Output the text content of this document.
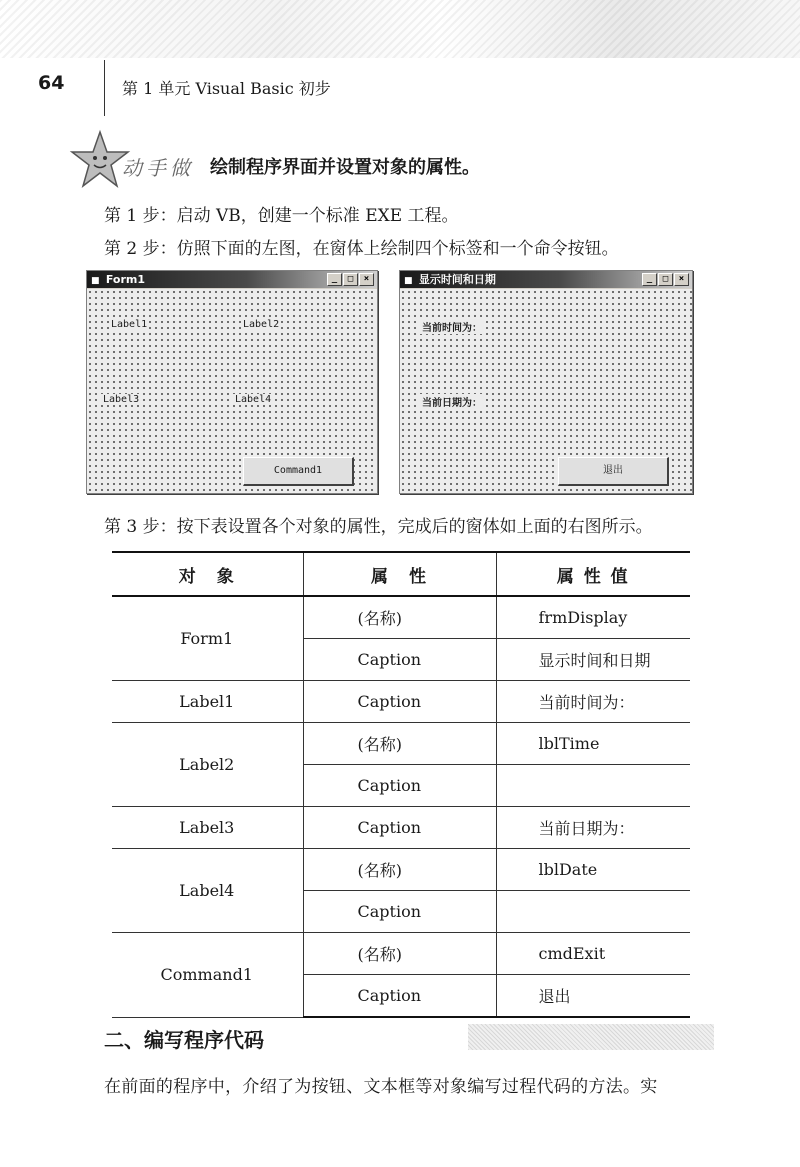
64	第 1 单元 Visual Basic 初步
动手做 绘制程序界面并设置对象的属性。
第 1 步：启动 VB，创建一个标准 EXE 工程。
第 2 步：仿照下面的左图，在窗体上绘制四个标签和一个命令按钮。
■ Form1	_	□	×
Label1	Label2
Label3	Label4
Command1
■ 显示时间和日期	_	□	×
当前时间为：
当前日期为：
退出
第 3 步：按下表设置各个对象的属性，完成后的窗体如上面的右图所示。
对　象	属　性	属 性 值
Form1	(名称)	frmDisplay
	Caption	显示时间和日期
Label1	Caption	当前时间为：
Label2	(名称)	lblTime
	Caption	
Label3	Caption	当前日期为：
Label4	(名称)	lblDate
	Caption	
Command1	(名称)	cmdExit
	Caption	退出
二、编写程序代码
在前面的程序中，介绍了为按钮、文本框等对象编写过程代码的方法。实
